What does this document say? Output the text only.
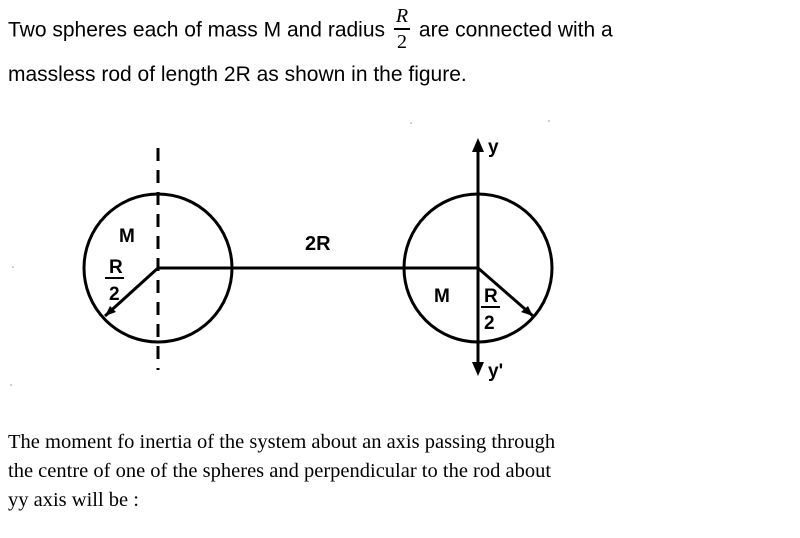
Two spheres each of mass M and radius $\frac{R}{2}$ are connected with a
massless rod of length 2R as shown in the figure.
M
R
2
2R
y
y'
M R
2
The moment fo inertia of the system about an axis passing through
the centre of one of the spheres and perpendicular to the rod about
yy axis will be :
